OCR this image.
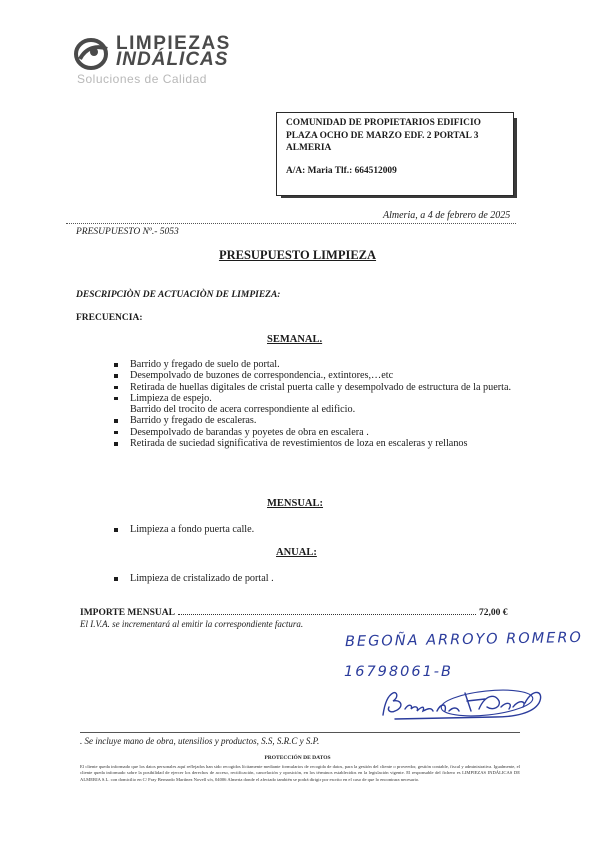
LIMPIEZAS
INDÁLICAS
Soluciones de Calidad
COMUNIDAD DE PROPIETARIOS EDIFICIO
PLAZA OCHO DE MARZO EDF. 2 PORTAL 3
ALMERIA
A/A: Maria Tlf.: 664512009
Almeria, a 4 de febrero de 2025
PRESUPUESTO Nº.- 5053
PRESUPUESTO LIMPIEZA
DESCRIPCIÒN DE ACTUACIÒN DE LIMPIEZA:
FRECUENCIA:
SEMANAL.
Barrido y fregado de suelo de portal.
Desempolvado de buzones de correspondencia., extintores,…etc
Retirada de huellas digitales de cristal puerta calle y desempolvado de estructura de la puerta.
Limpieza de espejo.
Barrido del trocito de acera correspondiente al edificio.
Barrido y fregado de escaleras.
Desempolvado de barandas y poyetes de obra en escalera .
Retirada de suciedad significativa de revestimientos de loza en escaleras y rellanos
MENSUAL:
Limpieza a fondo puerta calle.
ANUAL:
Limpieza de cristalizado de portal .
IMPORTE MENSUAL	72,00 €
El I.V.A. se incrementará al emitir la correspondiente factura.
BEGOÑA ARROYO ROMERO
16798061-B
. Se incluye mano de obra, utensilios y productos, S.S, S.R.C y S.P.
PROTECCIÓN DE DATOS
El cliente queda informado que los datos personales aquí reflejados han sido recogidos lícitamente mediante formularios de recogida de datos, para la gestión del cliente o proveedor, gestión contable, fiscal y administrativa. Igualmente, el cliente queda informado sobre la posibilidad de ejercer los derechos de acceso, rectificación, cancelación y oposición, en los términos establecidos en la legislación vigente. El responsable del fichero es LIMPIEZAS INDÁLICAS DE ALMERIA S.L. con domicilio en C/ Fray Bernardo Martínez Novell s/n, 04006 Almeria donde el afectado también se podrá dirigir por escrito en el caso de que lo encontrara necesario.
